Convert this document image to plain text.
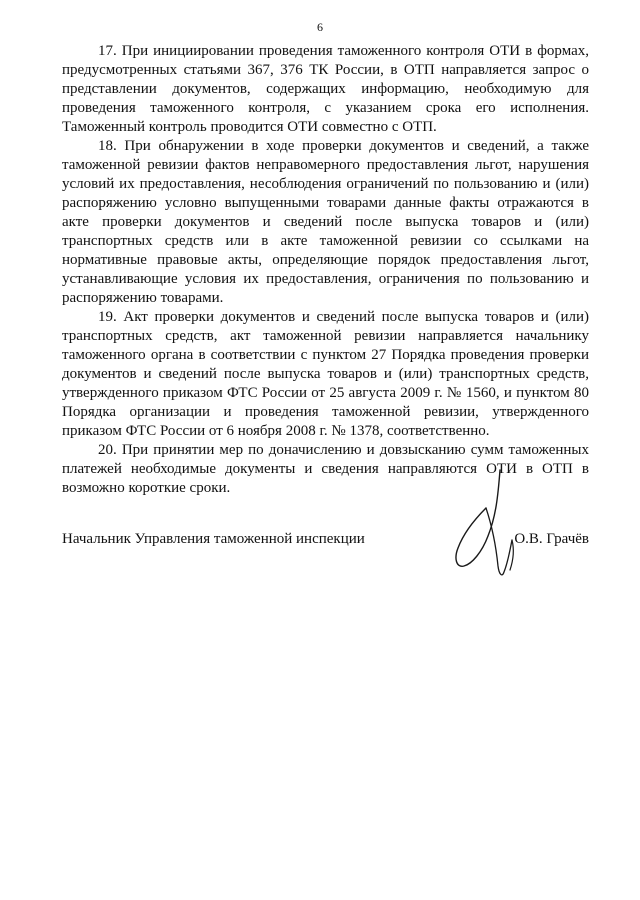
6

17. При инициировании проведения таможенного контроля ОТИ в формах, предусмотренных статьями 367, 376 ТК России, в ОТП направляется запрос о представлении документов, содержащих информацию, необходимую для проведения таможенного контроля, с указанием срока его исполнения. Таможенный контроль проводится ОТИ совместно с ОТП.

18. При обнаружении в ходе проверки документов и сведений, а также таможенной ревизии фактов неправомерного предоставления льгот, нарушения условий их предоставления, несоблюдения ограничений по пользованию и (или) распоряжению условно выпущенными товарами данные факты отражаются в акте проверки документов и сведений после выпуска товаров и (или) транспортных средств или в акте таможенной ревизии со ссылками на нормативные правовые акты, определяющие порядок предоставления льгот, устанавливающие условия их предоставления, ограничения по пользованию и распоряжению товарами.

19. Акт проверки документов и сведений после выпуска товаров и (или) транспортных средств, акт таможенной ревизии направляется начальнику таможенного органа в соответствии с пунктом 27 Порядка проведения проверки документов и сведений после выпуска товаров и (или) транспортных средств, утвержденного приказом ФТС России от 25 августа 2009 г. № 1560, и пунктом 80 Порядка организации и проведения таможенной ревизии, утвержденного приказом ФТС России от 6 ноября 2008 г. № 1378, соответственно.

20. При принятии мер по доначислению и довзысканию сумм таможенных платежей необходимые документы и сведения направляются ОТИ в ОТП в возможно короткие сроки.

Начальник Управления таможенной инспекции	О.В. Грачёв
